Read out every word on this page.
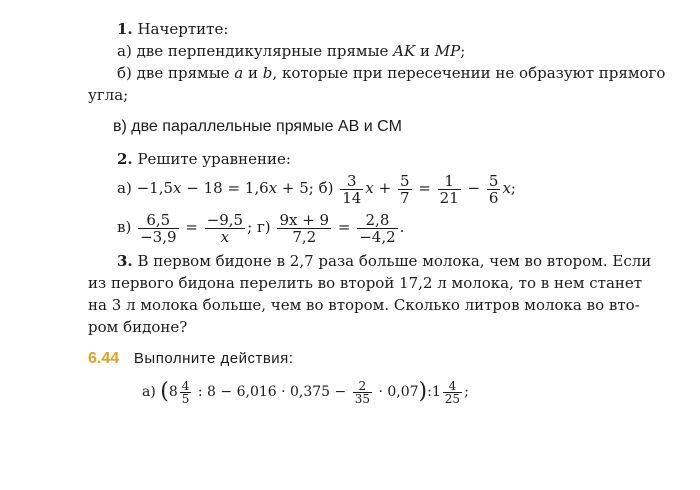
1. Начертите:
а) две перпендикулярные прямые AK и MP;
б) две прямые a и b, которые при пересечении не образуют прямого
угла;
в) две параллельные прямые AB и CM
2. Решите уравнение:
а) −1,5x − 18 = 1,6x + 5; $б) \frac{3}{14}$ $x + \frac{5}{7} = \frac{1}{21} - \frac{5}{6} x$;
$в) \frac{6,5}{-3,9} = \frac{-9,5}{x}$ ; $г) \frac{9x + 9}{7,2} = \frac{2,8}{-4,2}$ .
3. В первом бидоне в 2,7 раза больше молока, чем во втором. Если
из первого бидона перелить во второй 17,2 л молока, то в нем станет
на 3 л молока больше, чем во втором. Сколько литров молока во вто-
ром бидоне?
6.44 Выполните действия:
а) ($8 \frac{4}{5}$ : $8 - 6,016 \cdot 0,375 - \frac{2}{35}$ · 0,07):1 $\frac{4}{25}$ ;
